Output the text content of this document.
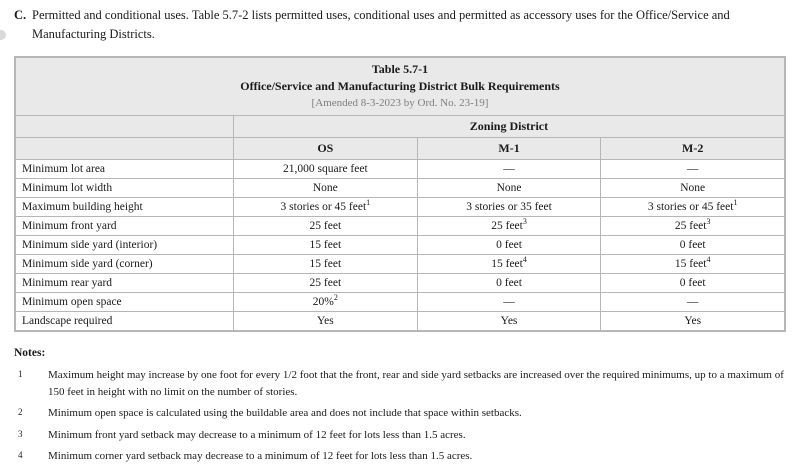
C. Permitted and conditional uses. Table 5.7-2 lists permitted uses, conditional uses and permitted as accessory uses for the Office/Service and Manufacturing Districts.
Table 5.7-1
Office/Service and Manufacturing District Bulk Requirements
[Amended 8-3-2023 by Ord. No. 23-19]			

	Zoning District		
	OS	M-1	M-2
Minimum lot area	21,000 square feet	—	—
Minimum lot width	None	None	None
Maximum building height	3 stories or 45 feet$^1$	3 stories or 35 feet	3 stories or 45 feet$^1$
Minimum front yard	25 feet	25 feet$^3$	25 feet$^3$
Minimum side yard (interior)	15 feet	0 feet	0 feet
Minimum side yard (corner)	15 feet	15 feet$^4$	15 feet$^4$
Minimum rear yard	25 feet	0 feet	0 feet
Minimum open space	20%$^2$	—	—
Landscape required	Yes	Yes	Yes
Notes:
1	Maximum height may increase by one foot for every 1/2 foot that the front, rear and side yard setbacks are increased over the required minimums, up to a maximum of 150 feet in height with no limit on the number of stories.
2	Minimum open space is calculated using the buildable area and does not include that space within setbacks.
3	Minimum front yard setback may decrease to a minimum of 12 feet for lots less than 1.5 acres.
4	Minimum corner yard setback may decrease to a minimum of 12 feet for lots less than 1.5 acres.
